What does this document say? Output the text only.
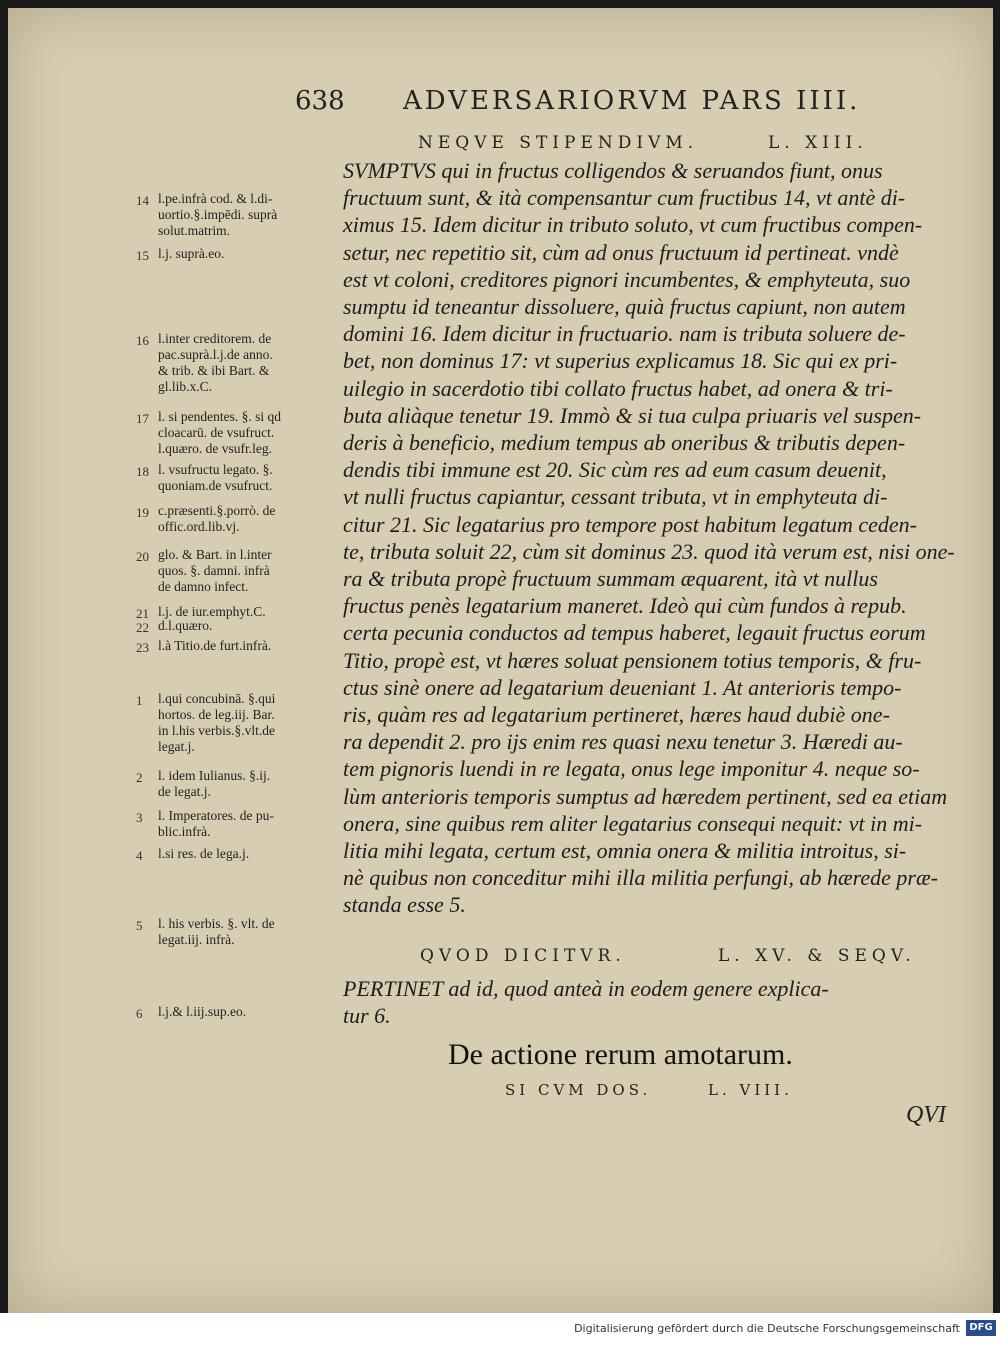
638 ADVERSARIORVM PARS IIII.
NEQVE STIPENDIVM.	L. XIII.
SVMPTVS qui in fructus colligendos & seruandos fiunt, onus
fructuum sunt, & ità compensantur cum fructibus 14, vt antè di-
ximus 15. Idem dicitur in tributo soluto, vt cum fructibus compen-
setur, nec repetitio sit, cùm ad onus fructuum id pertineat. vndè
est vt coloni, creditores pignori incumbentes, & emphyteuta, suo
sumptu id teneantur dissoluere, quià fructus capiunt, non autem
domini 16. Idem dicitur in fructuario. nam is tributa soluere de-
bet, non dominus 17: vt superius explicamus 18. Sic qui ex pri-
uilegio in sacerdotio tibi collato fructus habet, ad onera & tri-
buta aliàque tenetur 19. Immò & si tua culpa priuaris vel suspen-
deris à beneficio, medium tempus ab oneribus & tributis depen-
dendis tibi immune est 20. Sic cùm res ad eum casum deuenit,
vt nulli fructus capiantur, cessant tributa, vt in emphyteuta di-
citur 21. Sic legatarius pro tempore post habitum legatum ceden-
te, tributa soluit 22, cùm sit dominus 23. quod ità verum est, nisi one-
ra & tributa propè fructuum summam æquarent, ità vt nullus
fructus penès legatarium maneret. Ideò qui cùm fundos à repub.
certa pecunia conductos ad tempus haberet, legauit fructus eorum
Titio, propè est, vt hæres soluat pensionem totius temporis, & fru-
ctus sinè onere ad legatarium deueniant 1. At anterioris tempo-
ris, quàm res ad legatarium pertineret, hæres haud dubiè one-
ra dependit 2. pro ijs enim res quasi nexu tenetur 3. Hæredi au-
tem pignoris luendi in re legata, onus lege imponitur 4. neque so-
lùm anterioris temporis sumptus ad hæredem pertinent, sed ea etiam
onera, sine quibus rem aliter legatarius consequi nequit: vt in mi-
litia mihi legata, certum est, omnia onera & militia introitus, si-
nè quibus non conceditur mihi illa militia perfungi, ab hærede præ-
standa esse 5.
14 l.pe.infrà cod. & l.di-
uortio.§.impēdi. suprà
solut.matrim.
15 l.j. suprà.eo.
16 l.inter creditorem. de
pac.suprà.l.j.de anno.
& trib. & ibi Bart. &
gl.lib.x.C.
17 l. si pendentes. §. si qd
cloacarū. de vsufruct.
l.quæro. de vsufr.leg.
18 l. vsufructu legato. §.
quoniam.de vsufruct.
19 c.præsenti.§.porrò. de
offic.ord.lib.vj.
20 glo. & Bart. in l.inter
quos. §. damni. infrà
de damno infect.
21 l.j. de iur.emphyt.C.
22 d.l.quæro.
23 l.à Titio.de furt.infrà.
1 l.qui concubinā. §.qui
hortos. de leg.iij. Bar.
in l.his verbis.§.vlt.de
legat.j.
2 l. idem Iulianus. §.ij.
de legat.j.
3 l. Imperatores. de pu-
blic.infrà.
4 l.si res. de lega.j.
5 l. his verbis. §. vlt. de
legat.iij. infrà.
6 l.j.& l.iij.sup.eo.
QVOD DICITVR.	L. XV. & SEQV.
PERTINET ad id, quod anteà in eodem genere explica-
tur 6.
De actione rerum amotarum.
SI CVM DOS.	L. VIII.
QVI
Digitalisierung gefördert durch die Deutsche Forschungsgemeinschaft DFG
